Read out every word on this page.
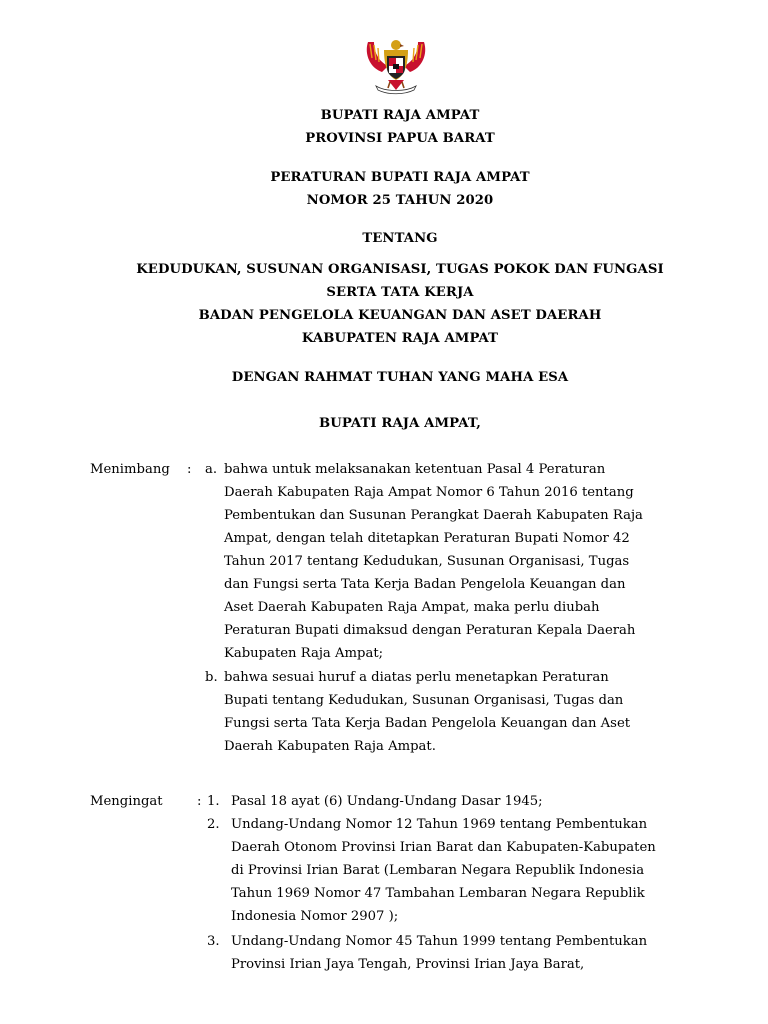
BUPATI RAJA AMPAT
PROVINSI PAPUA BARAT
PERATURAN BUPATI RAJA AMPAT
NOMOR 25 TAHUN 2020
TENTANG
KEDUDUKAN, SUSUNAN ORGANISASI, TUGAS POKOK DAN FUNGASI
SERTA TATA KERJA
BADAN PENGELOLA KEUANGAN DAN ASET DAERAH
KABUPATEN RAJA AMPAT
DENGAN RAHMAT TUHAN YANG MAHA ESA
BUPATI RAJA AMPAT,
Menimbang : a. bahwa untuk melaksanakan ketentuan Pasal 4 Peraturan
Daerah Kabupaten Raja Ampat Nomor 6 Tahun 2016 tentang
Pembentukan dan Susunan Perangkat Daerah Kabupaten Raja
Ampat, dengan telah ditetapkan Peraturan Bupati Nomor 42
Tahun 2017 tentang Kedudukan, Susunan Organisasi, Tugas
dan Fungsi serta Tata Kerja Badan Pengelola Keuangan dan
Aset Daerah Kabupaten Raja Ampat, maka perlu diubah
Peraturan Bupati dimaksud dengan Peraturan Kepala Daerah
Kabupaten Raja Ampat;
b. bahwa sesuai huruf a diatas perlu menetapkan Peraturan
Bupati tentang Kedudukan, Susunan Organisasi, Tugas dan
Fungsi serta Tata Kerja Badan Pengelola Keuangan dan Aset
Daerah Kabupaten Raja Ampat.
Mengingat	: 1. Pasal 18 ayat (6) Undang-Undang Dasar 1945;
2. Undang-Undang Nomor 12 Tahun 1969 tentang Pembentukan
Daerah Otonom Provinsi Irian Barat dan Kabupaten-Kabupaten
di Provinsi Irian Barat (Lembaran Negara Republik Indonesia
Tahun 1969 Nomor 47 Tambahan Lembaran Negara Republik
Indonesia Nomor 2907 );
3. Undang-Undang Nomor 45 Tahun 1999 tentang Pembentukan
Provinsi Irian Jaya Tengah, Provinsi Irian Jaya Barat,
